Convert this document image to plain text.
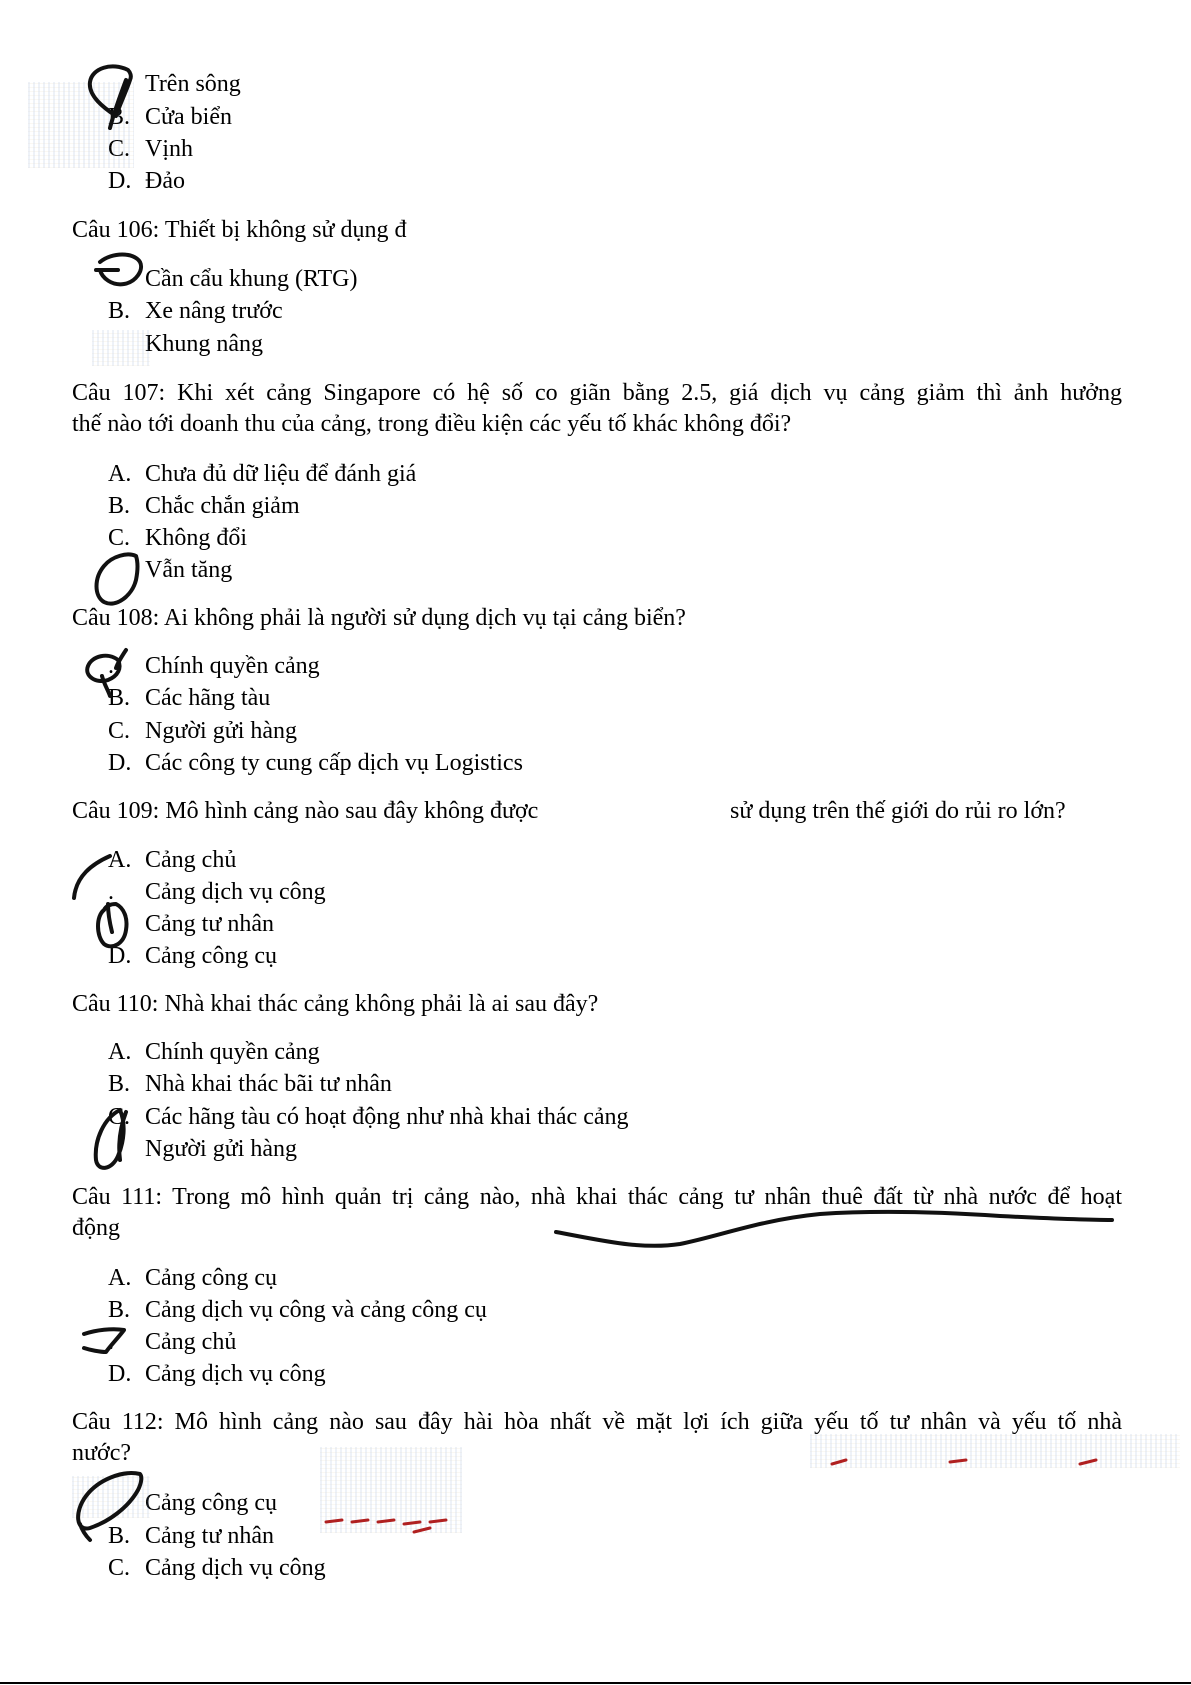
Trên sông
B. Cửa biển
C. Vịnh
D. Đảo
Câu 106: Thiết bị không sử dụng đ
Cần cẩu khung (RTG)
B. Xe nâng trước
Khung nâng
Câu 107: Khi xét cảng Singapore có hệ số co giãn bằng 2.5, giá dịch vụ cảng giảm thì ảnh hưởng
thế nào tới doanh thu của cảng, trong điều kiện các yếu tố khác không đổi?
A. Chưa đủ dữ liệu để đánh giá
B. Chắc chắn giảm
C. Không đổi
Vẫn tăng
Câu 108: Ai không phải là người sử dụng dịch vụ tại cảng biển?
. Chính quyền cảng
B. Các hãng tàu
C. Người gửi hàng
D. Các công ty cung cấp dịch vụ Logistics
Câu 109: Mô hình cảng nào sau đây không được	sử dụng trên thế giới do rủi ro lớn?
A. Cảng chủ
. Cảng dịch vụ công
. Cảng tư nhân
D. Cảng công cụ
Câu 110: Nhà khai thác cảng không phải là ai sau đây?
A. Chính quyền cảng
B. Nhà khai thác bãi tư nhân
C. Các hãng tàu có hoạt động như nhà khai thác cảng
Người gửi hàng
Câu 111: Trong mô hình quản trị cảng nào, nhà khai thác cảng tư nhân thuê đất từ nhà nước để hoạt
động
A. Cảng công cụ
B. Cảng dịch vụ công và cảng công cụ
. Cảng chủ
D. Cảng dịch vụ công
Câu 112: Mô hình cảng nào sau đây hài hòa nhất về mặt lợi ích giữa yếu tố tư nhân và yếu tố nhà
nước?
Cảng công cụ
B. Cảng tư nhân
C. Cảng dịch vụ công
